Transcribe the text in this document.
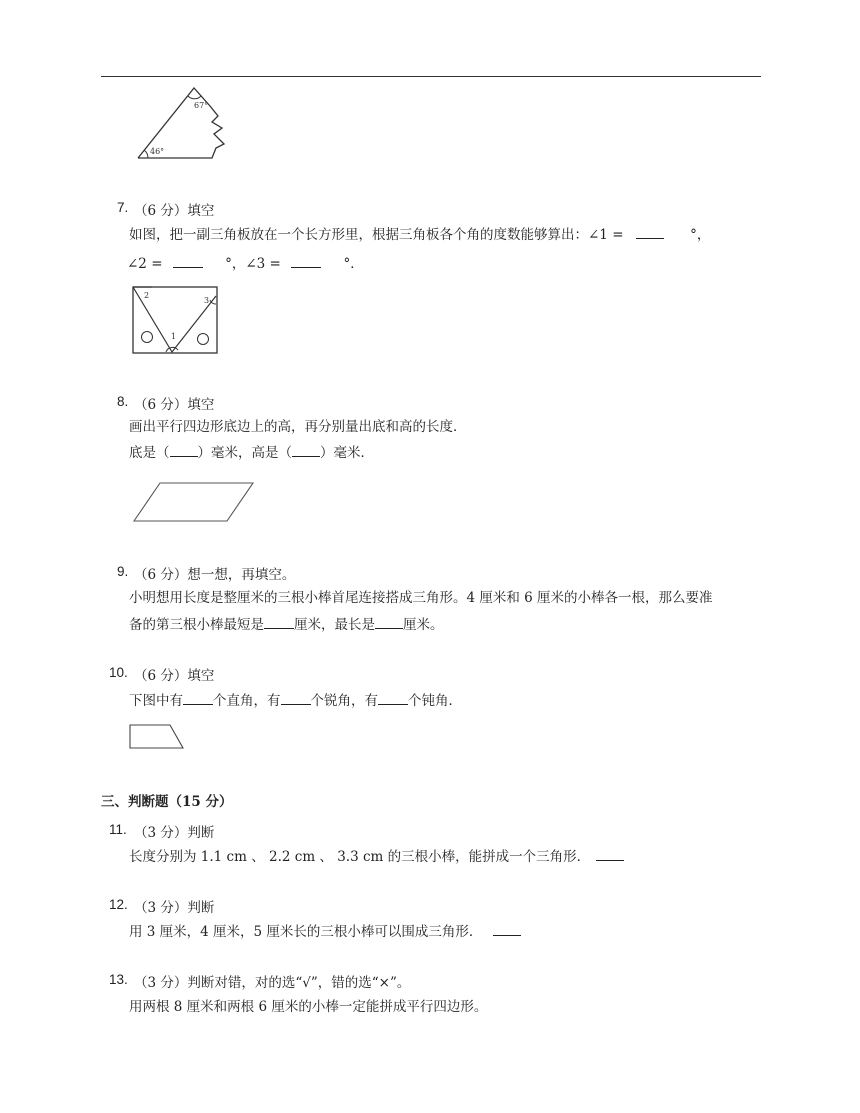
67°
46°
7. （6 分）填空
如图，把一副三角板放在一个长方形里，根据三角板各个角的度数能够算出：∠1 =	°，
∠2 =	°，∠3 =	°．
1
2
3
8. （6 分）填空
画出平行四边形底边上的高，再分别量出底和高的长度．
底是（ ）毫米，高是（ ）毫米．
9. （6 分）想一想，再填空。
小明想用长度是整厘米的三根小棒首尾连接搭成三角形。4 厘米和 6 厘米的小棒各一根，那么要准
备的第三根小棒最短是 厘米，最长是 厘米。
10. （6 分）填空
下图中有 个直角，有 个锐角，有 个钝角．
三、判断题（15 分）
11. （3 分）判断
长度分别为 1.1 cm 、 2.2 cm 、 3.3 cm 的三根小棒，能拼成一个三角形．
12. （3 分）判断
用 3 厘米，4 厘米，5 厘米长的三根小棒可以围成三角形．
13. （3 分）判断对错，对的选“√”，错的选“×”。
用两根 8 厘米和两根 6 厘米的小棒一定能拼成平行四边形。
